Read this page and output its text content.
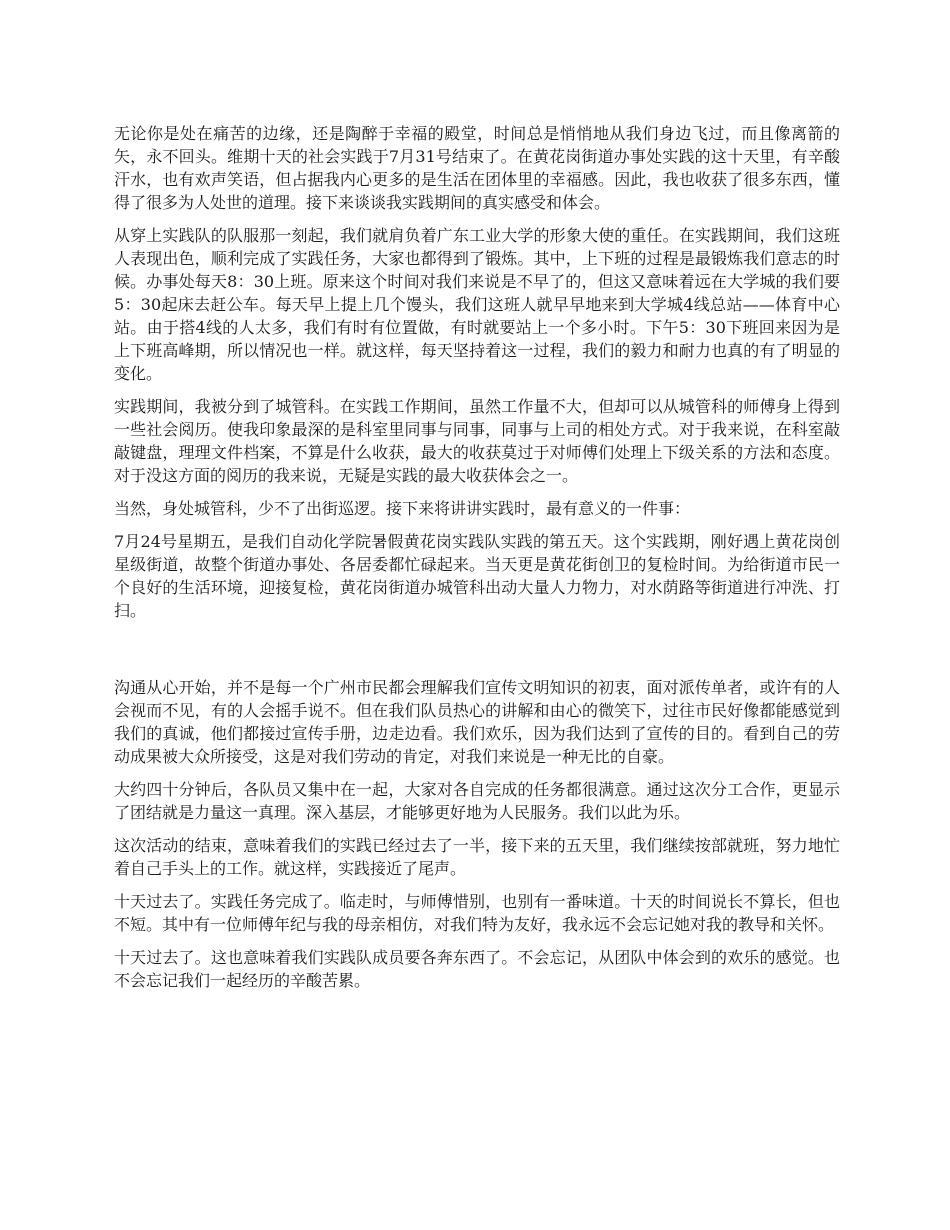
无论你是处在痛苦的边缘，还是陶醉于幸福的殿堂，时间总是悄悄地从我们身边飞过，而且像离箭的矢，永不回头。维期十天的社会实践于7月31号结束了。在黄花岗街道办事处实践的这十天里，有辛酸汗水，也有欢声笑语，但占据我内心更多的是生活在团体里的幸福感。因此，我也收获了很多东西，懂得了很多为人处世的道理。接下来谈谈我实践期间的真实感受和体会。

从穿上实践队的队服那一刻起，我们就肩负着广东工业大学的形象大使的重任。在实践期间，我们这班人表现出色，顺利完成了实践任务，大家也都得到了锻炼。其中，上下班的过程是最锻炼我们意志的时候。办事处每天8：30上班。原来这个时间对我们来说是不早了的，但这又意味着远在大学城的我们要5：30起床去赶公车。每天早上提上几个馒头，我们这班人就早早地来到大学城4线总站——体育中心站。由于搭4线的人太多，我们有时有位置做，有时就要站上一个多小时。下午5：30下班回来因为是上下班高峰期，所以情况也一样。就这样，每天坚持着这一过程，我们的毅力和耐力也真的有了明显的变化。

实践期间，我被分到了城管科。在实践工作期间，虽然工作量不大，但却可以从城管科的师傅身上得到一些社会阅历。使我印象最深的是科室里同事与同事，同事与上司的相处方式。对于我来说，在科室敲敲键盘，理理文件档案，不算是什么收获，最大的收获莫过于对师傅们处理上下级关系的方法和态度。对于没这方面的阅历的我来说，无疑是实践的最大收获体会之一。

当然，身处城管科，少不了出街巡逻。接下来将讲讲实践时，最有意义的一件事：

7月24号星期五，是我们自动化学院暑假黄花岗实践队实践的第五天。这个实践期，刚好遇上黄花岗创星级街道，故整个街道办事处、各居委都忙碌起来。当天更是黄花街创卫的复检时间。为给街道市民一个良好的生活环境，迎接复检，黄花岗街道办城管科出动大量人力物力，对水荫路等街道进行冲洗、打扫。

沟通从心开始，并不是每一个广州市民都会理解我们宣传文明知识的初衷，面对派传单者，或许有的人会视而不见，有的人会摇手说不。但在我们队员热心的讲解和由心的微笑下，过往市民好像都能感觉到我们的真诚，他们都接过宣传手册，边走边看。我们欢乐，因为我们达到了宣传的目的。看到自己的劳动成果被大众所接受，这是对我们劳动的肯定，对我们来说是一种无比的自豪。

大约四十分钟后，各队员又集中在一起，大家对各自完成的任务都很满意。通过这次分工合作，更显示了团结就是力量这一真理。深入基层，才能够更好地为人民服务。我们以此为乐。

这次活动的结束，意味着我们的实践已经过去了一半，接下来的五天里，我们继续按部就班，努力地忙着自己手头上的工作。就这样，实践接近了尾声。

十天过去了。实践任务完成了。临走时，与师傅惜别，也别有一番味道。十天的时间说长不算长，但也不短。其中有一位师傅年纪与我的母亲相仿，对我们特为友好，我永远不会忘记她对我的教导和关怀。

十天过去了。这也意味着我们实践队成员要各奔东西了。不会忘记，从团队中体会到的欢乐的感觉。也不会忘记我们一起经历的辛酸苦累。
